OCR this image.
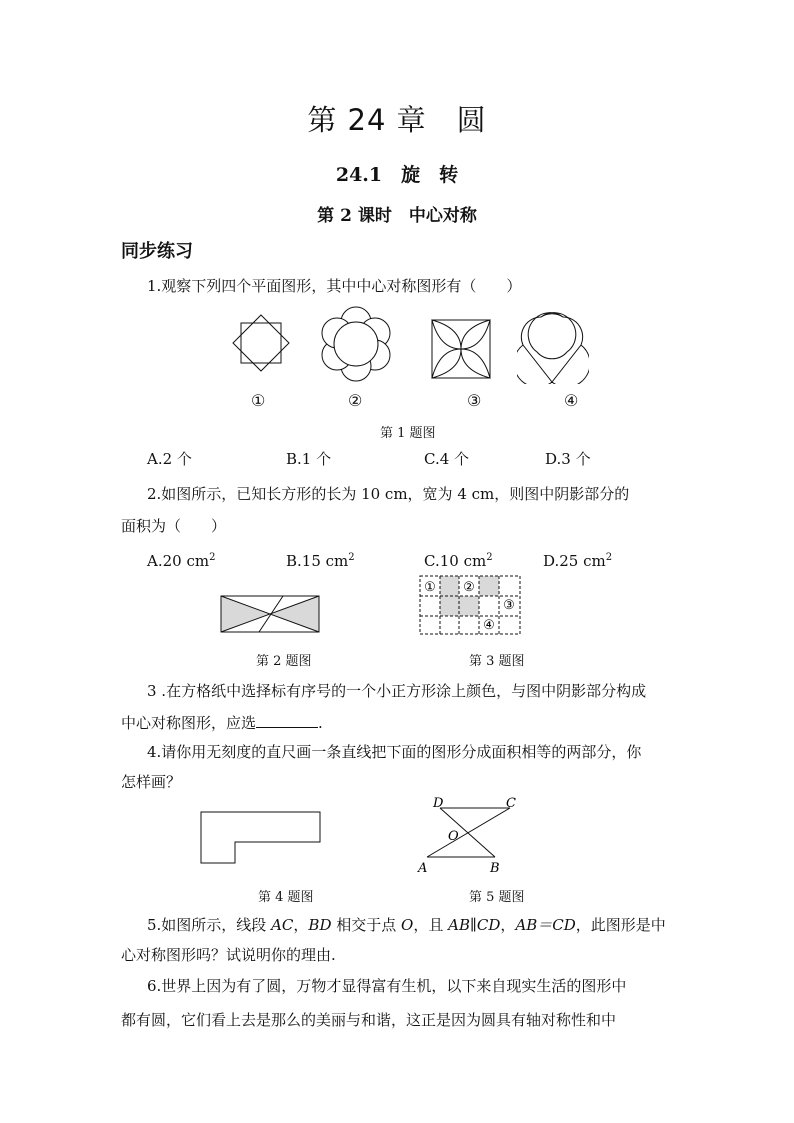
第 24 章　圆
24.1　旋　转
第 2 课时　中心对称
同步练习
1.观察下列四个平面图形，其中中心对称图形有（　　）
①	②	③	④
第 1 题图
A.2 个	B.1 个	C.4 个	D.3 个
2.如图所示，已知长方形的长为 10 cm，宽为 4 cm，则图中阴影部分的
面积为（　　）
A.20 $cm^2$	B.15 $cm^2$	C.10 $cm^2$	D.25 $cm^2$
① ②
③
④
第 2 题图	第 3 题图
3 .在方格纸中选择标有序号的一个小正方形涂上颜色，与图中阴影部分构成
中心对称图形，应选	.
4.请你用无刻度的直尺画一条直线把下面的图形分成面积相等的两部分，你
怎样画？
D	C
O
A	B
第 4 题图	第 5 题图
5.如图所示，线段 AC，BD 相交于点 O，且 AB∥CD，AB＝CD，此图形是中
心对称图形吗？试说明你的理由.
6.世界上因为有了圆，万物才显得富有生机，以下来自现实生活的图形中
都有圆，它们看上去是那么的美丽与和谐，这正是因为圆具有轴对称性和中
